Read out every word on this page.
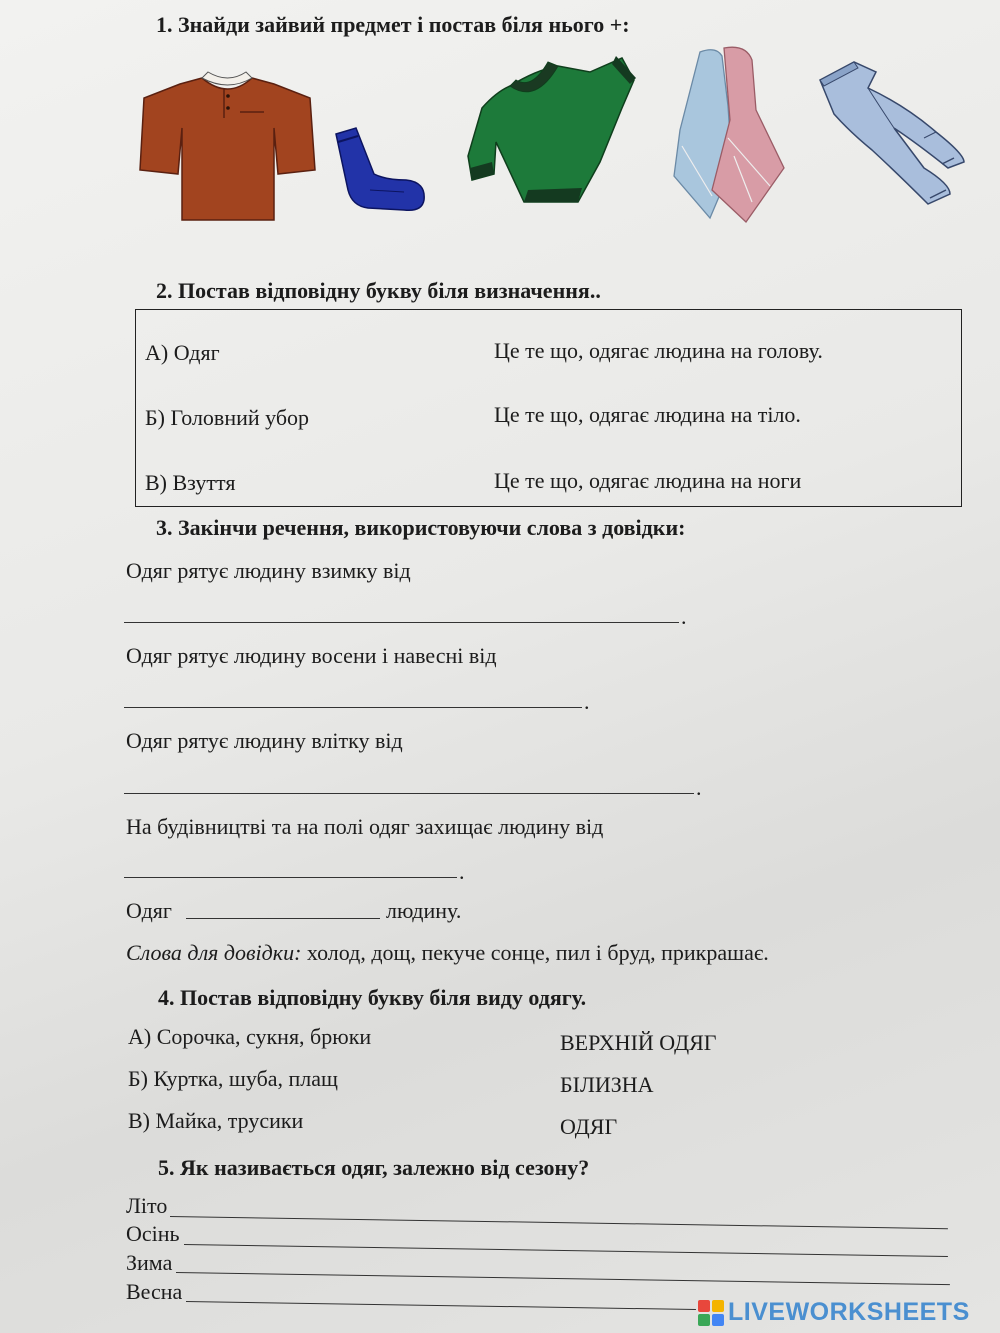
1. Знайди зайвий предмет і постав біля нього +:
2. Постав відповідну букву біля визначення..
А) Одяг
Б) Головний убор
В) Взуття
Це те що, одягає людина на голову.
Це те що, одягає людина на тіло.
Це те що, одягає людина на ноги
3. Закінчи речення, використовуючи слова з довідки:
Одяг рятує людину взимку від
.
Одяг рятує людину восени і навесні від
.
Одяг рятує людину влітку від
.
На будівництві та на полі одяг захищає людину від
.
Одяг	людину.
Слова для довідки: холод, дощ, пекуче сонце, пил і бруд, прикрашає.
4. Постав відповідну букву біля виду одягу.
А) Сорочка, сукня, брюки
Б) Куртка, шуба, плащ
В) Майка, трусики
ВЕРХНІЙ ОДЯГ
БІЛИЗНА
ОДЯГ
5. Як називається одяг, залежно від сезону?
Літо
Осінь
Зима
Весна
LIVEWORKSHEETS
